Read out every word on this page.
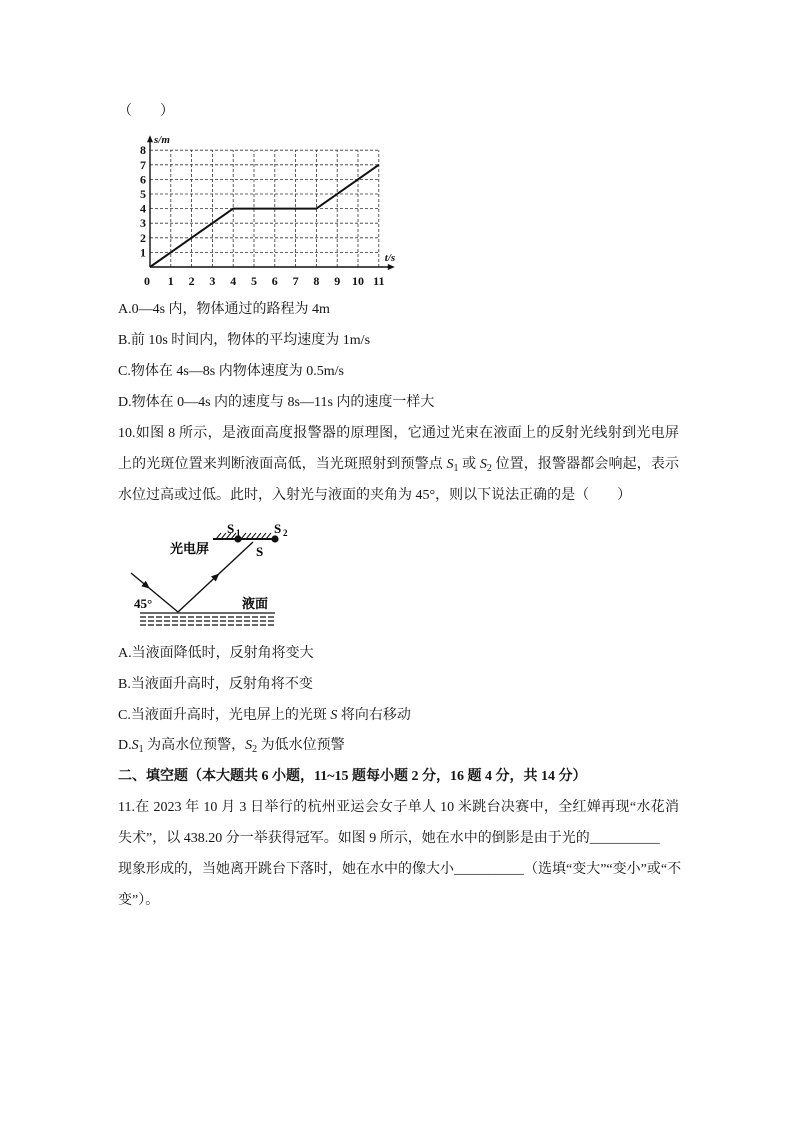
（　　）
0 1 2 3 4 5 6 7 8 9 10 11
1
2
3
4
5
6
7
8
s/m
t/s
A.0—4s 内，物体通过的路程为 4m
B.前 10s 时间内，物体的平均速度为 1m/s
C.物体在 4s—8s 内物体速度为 0.5m/s
D.物体在 0—4s 内的速度与 8s—11s 内的速度一样大
10.如图 8 所示，是液面高度报警器的原理图，它通过光束在液面上的反射光线射到光电屏
上的光斑位置来判断液面高低，当光斑照射到预警点 $S_1$ 或 $S_2$ 位置，报警器都会响起，表示
水位过高或过低。此时，入射光与液面的夹角为 45°，则以下说法正确的是（　　）
S 1	S 2
光电屏	S
45°	液面
A.当液面降低时，反射角将变大
B.当液面升高时，反射角将不变
C.当液面升高时，光电屏上的光斑 S 将向右移动
$D.S_1$ 为高水位预警，$S_2$ 为低水位预警
二、填空题（本大题共 6 小题，11~15 题每小题 2 分，16 题 4 分，共 14 分）
11.在 2023 年 10 月 3 日举行的杭州亚运会女子单人 10 米跳台决赛中，全红婵再现“水花消
失术”，以 438.20 分一举获得冠军。如图 9 所示，她在水中的倒影是由于光的__________
现象形成的，当她离开跳台下落时，她在水中的像大小__________（选填“变大”“变小”或“不
变”）。
